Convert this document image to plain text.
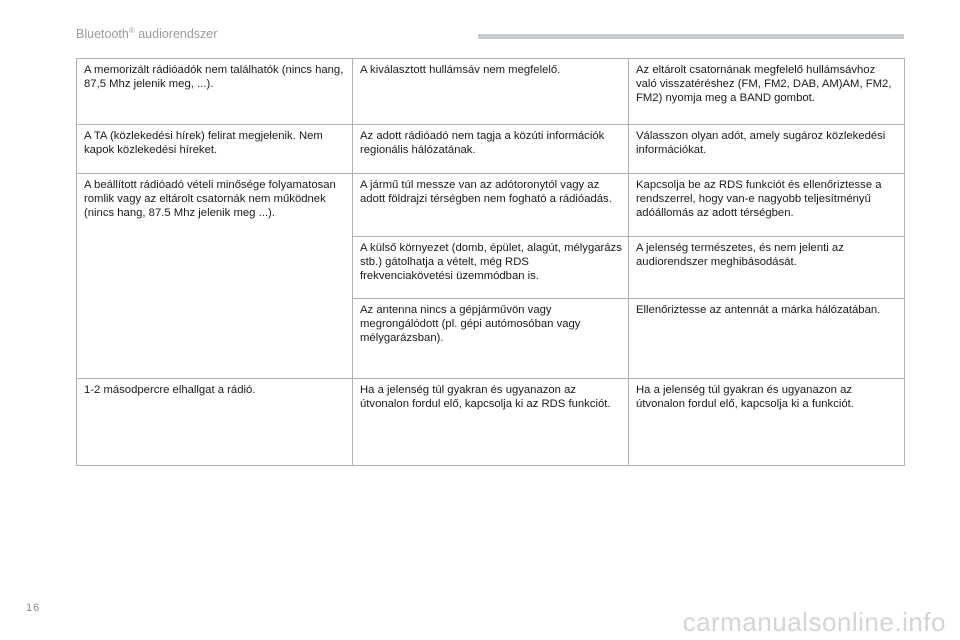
Bluetooth® audiorendszer
A memorizált rádióadók nem találhatók (nincs hang, 87,5 Mhz jelenik meg, ...).	A kiválasztott hullámsáv nem megfelelő.	Az eltárolt csatornának megfelelő hullámsávhoz való visszatéréshez (FM, FM2, DAB, AM)AM, FM2, FM2) nyomja meg a BAND gombot.
A TA (közlekedési hírek) felirat megjelenik. Nem kapok közlekedési híreket.	Az adott rádióadó nem tagja a közúti információk regionális hálózatának.	Válasszon olyan adót, amely sugároz közlekedési információkat.
A beállított rádióadó vételi minősége folyamatosan romlik vagy az eltárolt csatornák nem működnek (nincs hang, 87.5 Mhz jelenik meg ...).	A jármű túl messze van az adótoronytól vagy az adott földrajzi térségben nem fogható a rádióadás.	Kapcsolja be az RDS funkciót és ellenőriztesse a rendszerrel, hogy van-e nagyobb teljesítményű adóállomás az adott térségben.
	A külső környezet (domb, épület, alagút, mélygarázs stb.) gátolhatja a vételt, még RDS frekvenciakövetési üzemmódban is.	A jelenség természetes, és nem jelenti az audiorendszer meghibásodását.
	Az antenna nincs a gépjárművön vagy megrongálódott (pl. gépi autómosóban vagy mélygarázsban).	Ellenőriztesse az antennát a márka hálózatában.
1-2 másodpercre elhallgat a rádió.	Ha a jelenség túl gyakran és ugyanazon az útvonalon fordul elő, kapcsolja ki az RDS funkciót.	Ha a jelenség túl gyakran és ugyanazon az útvonalon fordul elő, kapcsolja ki a funkciót.
16	carmanualsonline.info
